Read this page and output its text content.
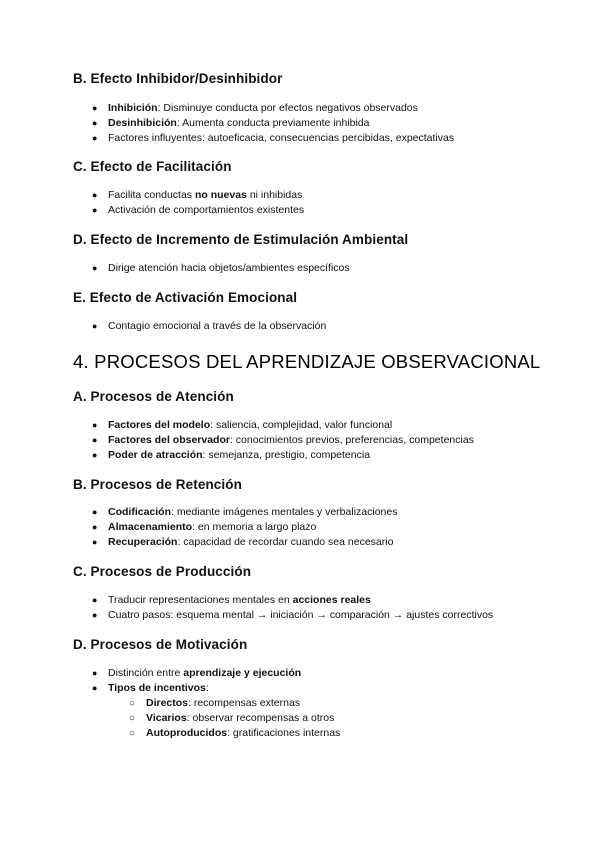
B. Efecto Inhibidor/Desinhibidor
● Inhibición: Disminuye conducta por efectos negativos observados
● Desinhibición: Aumenta conducta previamente inhibida
● Factores influyentes: autoeficacia, consecuencias percibidas, expectativas
C. Efecto de Facilitación
● Facilita conductas no nuevas ni inhibidas
● Activación de comportamientos existentes
D. Efecto de Incremento de Estimulación Ambiental
● Dirige atención hacia objetos/ambientes específicos
E. Efecto de Activación Emocional
● Contagio emocional a través de la observación
4. PROCESOS DEL APRENDIZAJE OBSERVACIONAL
A. Procesos de Atención
● Factores del modelo: saliencia, complejidad, valor funcional
● Factores del observador: conocimientos previos, preferencias, competencias
● Poder de atracción: semejanza, prestigio, competencia
B. Procesos de Retención
● Codificación: mediante imágenes mentales y verbalizaciones
● Almacenamiento: en memoria a largo plazo
● Recuperación: capacidad de recordar cuando sea necesario
C. Procesos de Producción
● Traducir representaciones mentales en acciones reales
● Cuatro pasos: esquema mental → iniciación → comparación → ajustes correctivos
D. Procesos de Motivación
● Distinción entre aprendizaje y ejecución
● Tipos de incentivos:
○ Directos: recompensas externas
○ Vicarios: observar recompensas a otros
○ Autoproducidos: gratificaciones internas
